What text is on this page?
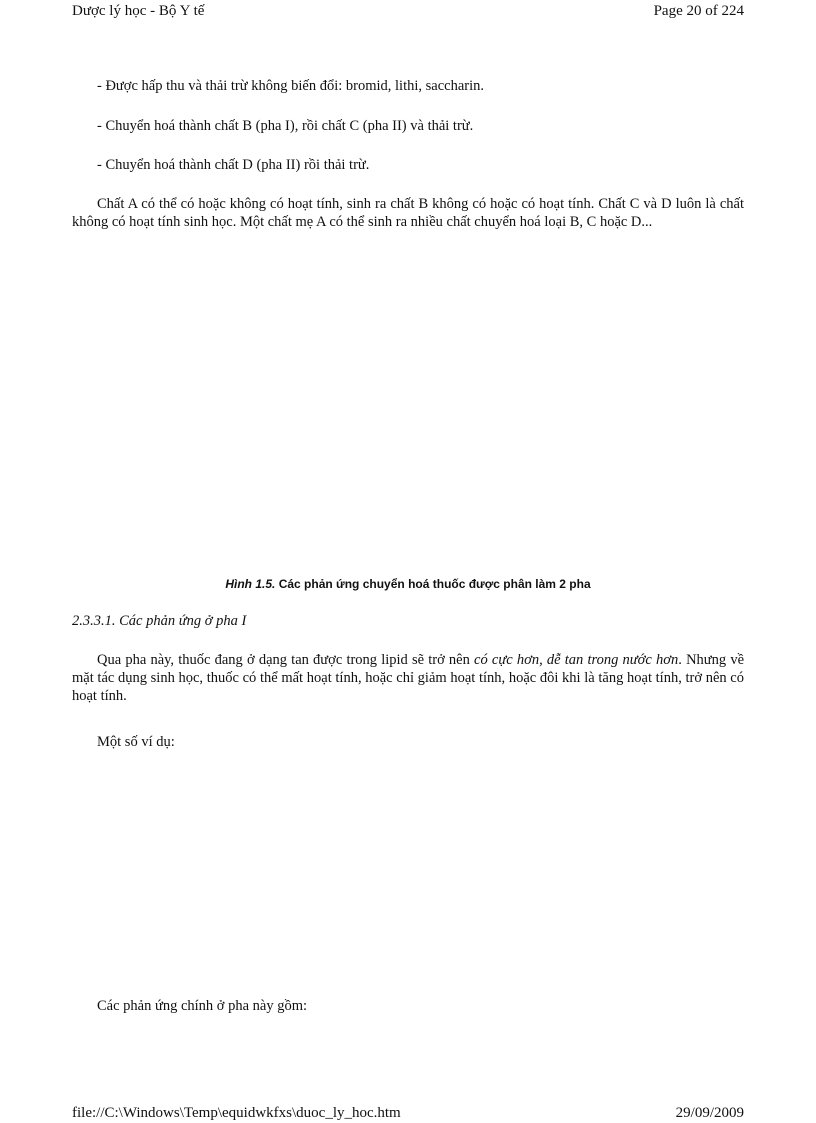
Dược lý học - Bộ Y tế	Page 20 of 224
- Được hấp thu và thải trừ không biến đổi: bromid, lithi, saccharin.
- Chuyển hoá thành chất B (pha I), rồi chất C (pha II) và thải trừ.
- Chuyển hoá thành chất D (pha II) rồi thải trừ.
Chất A có thể có hoặc không có hoạt tính, sinh ra chất B không có hoặc có hoạt tính. Chất C và D luôn là chất không có hoạt tính sinh học. Một chất mẹ A có thể sinh ra nhiều chất chuyển hoá loại B, C hoặc D...
Hình 1.5. Các phản ứng chuyển hoá thuốc được phân làm 2 pha
2.3.3.1. Các phản ứng ở pha I
Qua pha này, thuốc đang ở dạng tan được trong lipid sẽ trở nên có cực hơn, dễ tan trong nước hơn. Nhưng về mặt tác dụng sinh học, thuốc có thể mất hoạt tính, hoặc chỉ giảm hoạt tính, hoặc đôi khi là tăng hoạt tính, trở nên có hoạt tính.
Một số ví dụ:
Các phản ứng chính ở pha này gồm:
file://C:\Windows\Temp\equidwkfxs\duoc_ly_hoc.htm	29/09/2009
